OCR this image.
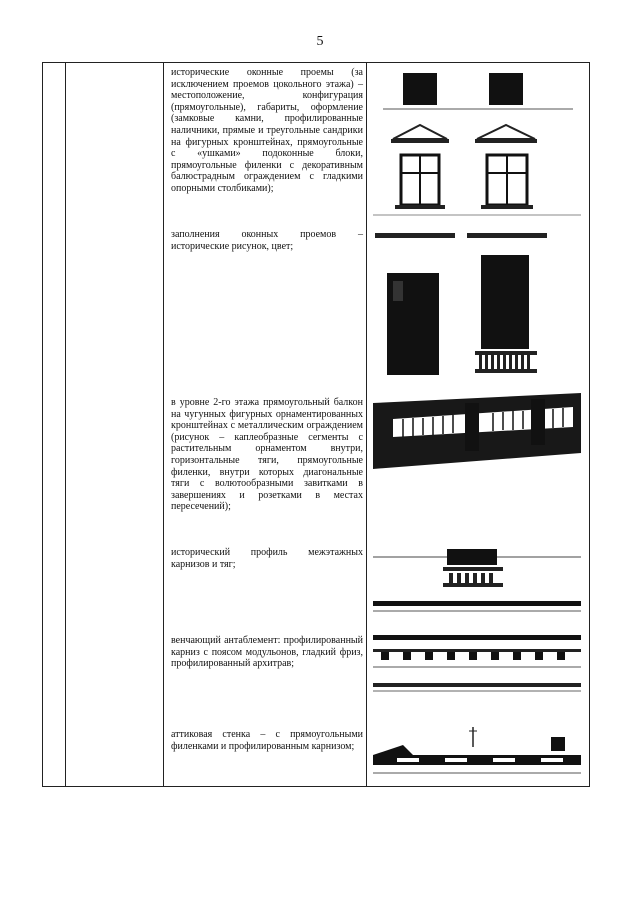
5
исторические оконные проемы (за исключением проемов цокольного этажа) – местоположение, конфигурация (прямоугольные), габариты, оформление (замковые камни, профилированные наличники, прямые и треугольные сандрики на фигурных кронштейнах, прямоугольные с «ушками» подоконные блоки, прямоугольные филенки с декоративным балюстрадным ограждением с гладкими опорными столбиками);
заполнения оконных проемов – исторические рисунок, цвет;
в уровне 2-го этажа прямоугольный балкон на чугунных фигурных орнаментированных кронштейнах с металлическим ограждением (рисунок – каплеобразные сегменты с растительным орнаментом внутри, горизонтальные тяги, прямоугольные филенки, внутри которых диагональные тяги с волютообразными завитками в завершениях и розетками в местах пересечений);
исторический профиль межэтажных карнизов и тяг;
венчающий антаблемент: профилированный карниз с поясом модульонов, гладкий фриз, профилированный архитрав;
аттиковая стенка – с прямоугольными филенками и профилированным карнизом;
